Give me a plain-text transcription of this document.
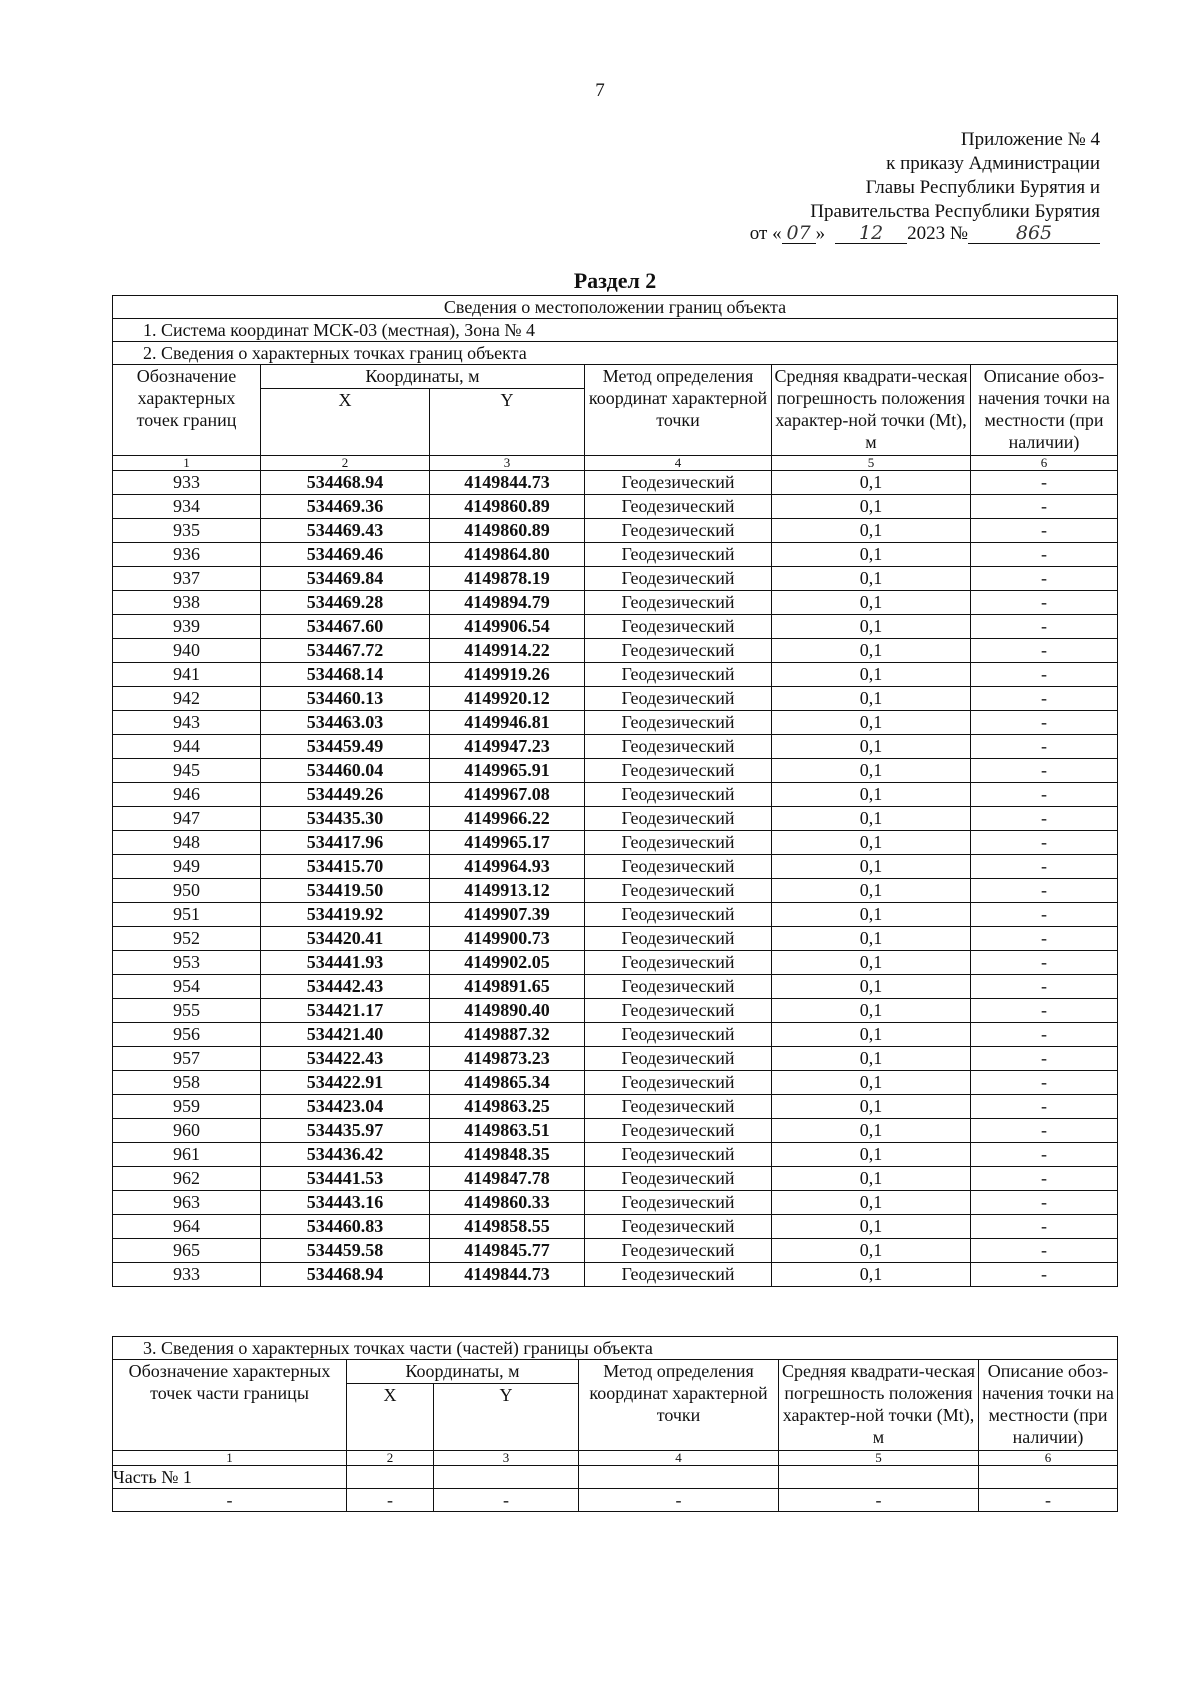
7
Приложение № 4
к приказу Администрации
Главы Республики Бурятия и
Правительства Республики Бурятия
от « 07 »	12	2023 №	865
Раздел 2
Сведения о местоположении границ объекта					
1. Система координат МСК-03 (местная), Зона № 4					
2. Сведения о характерных точках границ объекта					
Обозначение характерных точек границ	Координаты, м		Метод определения координат характерной точки	Средняя квадрати-ческая погрешность положения характер-ной точки (Mt), м	Описание обоз-начения точки на местности (при наличии)
	X	Y			
1	2	3	4	5	6
933	534468.94	4149844.73	Геодезический	0,1	-
934	534469.36	4149860.89	Геодезический	0,1	-
935	534469.43	4149860.89	Геодезический	0,1	-
936	534469.46	4149864.80	Геодезический	0,1	-
937	534469.84	4149878.19	Геодезический	0,1	-
938	534469.28	4149894.79	Геодезический	0,1	-
939	534467.60	4149906.54	Геодезический	0,1	-
940	534467.72	4149914.22	Геодезический	0,1	-
941	534468.14	4149919.26	Геодезический	0,1	-
942	534460.13	4149920.12	Геодезический	0,1	-
943	534463.03	4149946.81	Геодезический	0,1	-
944	534459.49	4149947.23	Геодезический	0,1	-
945	534460.04	4149965.91	Геодезический	0,1	-
946	534449.26	4149967.08	Геодезический	0,1	-
947	534435.30	4149966.22	Геодезический	0,1	-
948	534417.96	4149965.17	Геодезический	0,1	-
949	534415.70	4149964.93	Геодезический	0,1	-
950	534419.50	4149913.12	Геодезический	0,1	-
951	534419.92	4149907.39	Геодезический	0,1	-
952	534420.41	4149900.73	Геодезический	0,1	-
953	534441.93	4149902.05	Геодезический	0,1	-
954	534442.43	4149891.65	Геодезический	0,1	-
955	534421.17	4149890.40	Геодезический	0,1	-
956	534421.40	4149887.32	Геодезический	0,1	-
957	534422.43	4149873.23	Геодезический	0,1	-
958	534422.91	4149865.34	Геодезический	0,1	-
959	534423.04	4149863.25	Геодезический	0,1	-
960	534435.97	4149863.51	Геодезический	0,1	-
961	534436.42	4149848.35	Геодезический	0,1	-
962	534441.53	4149847.78	Геодезический	0,1	-
963	534443.16	4149860.33	Геодезический	0,1	-
964	534460.83	4149858.55	Геодезический	0,1	-
965	534459.58	4149845.77	Геодезический	0,1	-
933	534468.94	4149844.73	Геодезический	0,1	-
3. Сведения о характерных точках части (частей) границы объекта					
Обозначение характерных точек части границы	Координаты, м		Метод определения координат характерной точки	Средняя квадрати-ческая погрешность положения характер-ной точки (Mt), м	Описание обоз-начения точки на местности (при наличии)
	X	Y			
1	2	3	4	5	6
Часть № 1					
-	-	-	-	-	-
